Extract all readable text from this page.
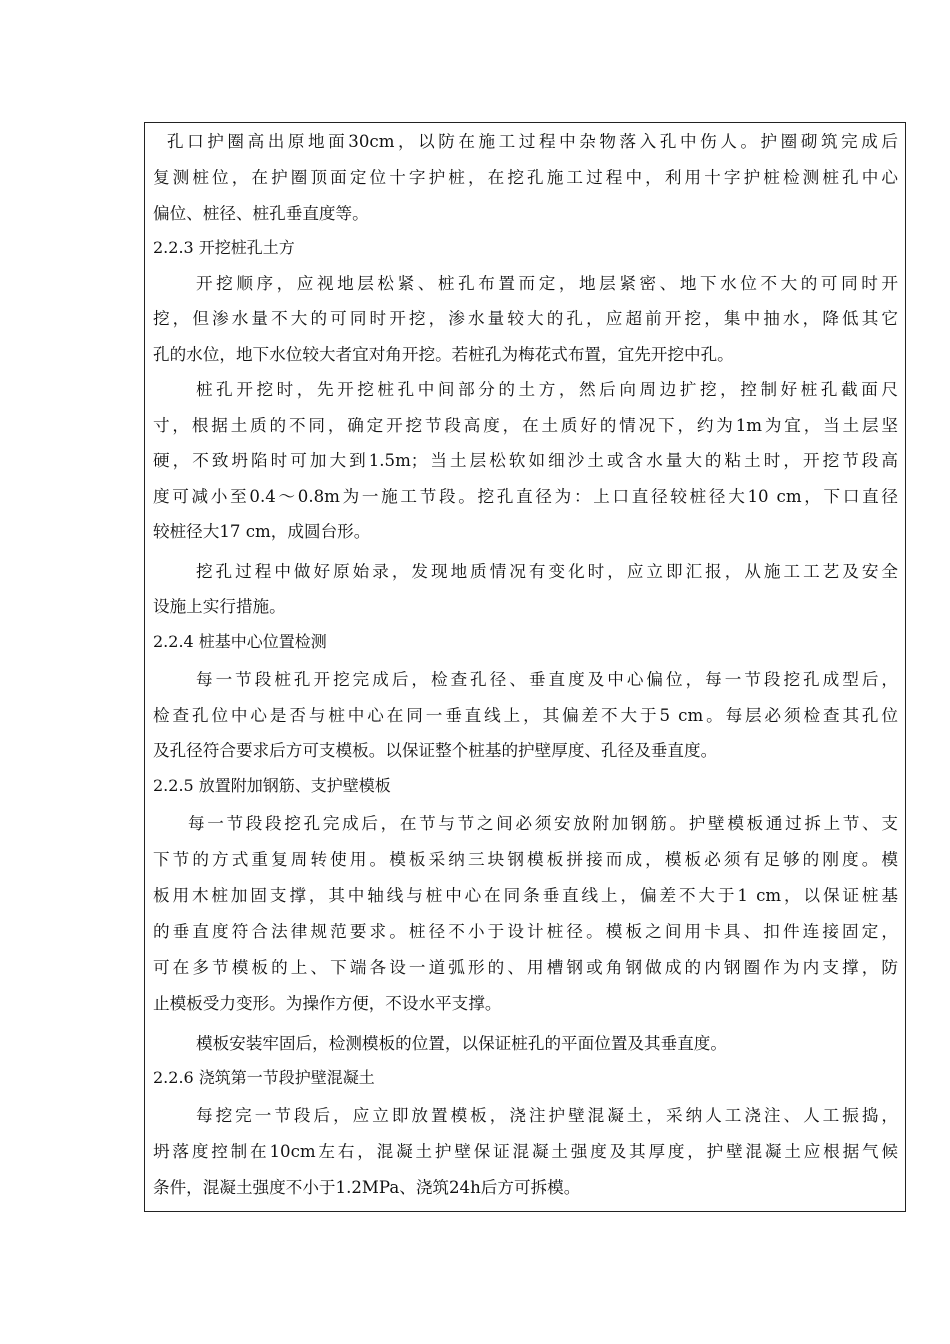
孔口护圈高出原地面30cm，以防在施工过程中杂物落入孔中伤人。护圈砌筑完成后
复测桩位，在护圈顶面定位十字护桩，在挖孔施工过程中，利用十字护桩检测桩孔中心
偏位、桩径、桩孔垂直度等。
2.2.3 开挖桩孔土方
开挖顺序，应视地层松紧、桩孔布置而定，地层紧密、地下水位不大的可同时开
挖，但渗水量不大的可同时开挖，渗水量较大的孔，应超前开挖，集中抽水，降低其它
孔的水位，地下水位较大者宜对角开挖。若桩孔为梅花式布置，宜先开挖中孔。
桩孔开挖时，先开挖桩孔中间部分的土方，然后向周边扩挖，控制好桩孔截面尺
寸，根据土质的不同，确定开挖节段高度，在土质好的情况下，约为1m为宜，当土层坚
硬，不致坍陷时可加大到1.5m；当土层松软如细沙土或含水量大的粘土时，开挖节段高
度可减小至0.4～0.8m为一施工节段。挖孔直径为：上口直径较桩径大10 cm，下口直径
较桩径大17 cm，成圆台形。
挖孔过程中做好原始录，发现地质情况有变化时，应立即汇报，从施工工艺及安全
设施上实行措施。
2.2.4 桩基中心位置检测
每一节段桩孔开挖完成后，检查孔径、垂直度及中心偏位，每一节段挖孔成型后，
检查孔位中心是否与桩中心在同一垂直线上，其偏差不大于5 cm。每层必须检查其孔位
及孔径符合要求后方可支模板。以保证整个桩基的护壁厚度、孔径及垂直度。
2.2.5 放置附加钢筋、支护壁模板
每一节段段挖孔完成后，在节与节之间必须安放附加钢筋。护壁模板通过拆上节、支
下节的方式重复周转使用。模板采纳三块钢模板拼接而成，模板必须有足够的刚度。模
板用木桩加固支撑，其中轴线与桩中心在同条垂直线上，偏差不大于1 cm，以保证桩基
的垂直度符合法律规范要求。桩径不小于设计桩径。模板之间用卡具、扣件连接固定，
可在多节模板的上、下端各设一道弧形的、用槽钢或角钢做成的内钢圈作为内支撑，防
止模板受力变形。为操作方便，不设水平支撑。
模板安装牢固后，检测模板的位置，以保证桩孔的平面位置及其垂直度。
2.2.6 浇筑第一节段护壁混凝土
每挖完一节段后，应立即放置模板，浇注护壁混凝土，采纳人工浇注、人工振捣，
坍落度控制在10cm左右，混凝土护壁保证混凝土强度及其厚度，护壁混凝土应根据气候
条件，混凝土强度不小于1.2MPa、浇筑24h后方可拆模。
